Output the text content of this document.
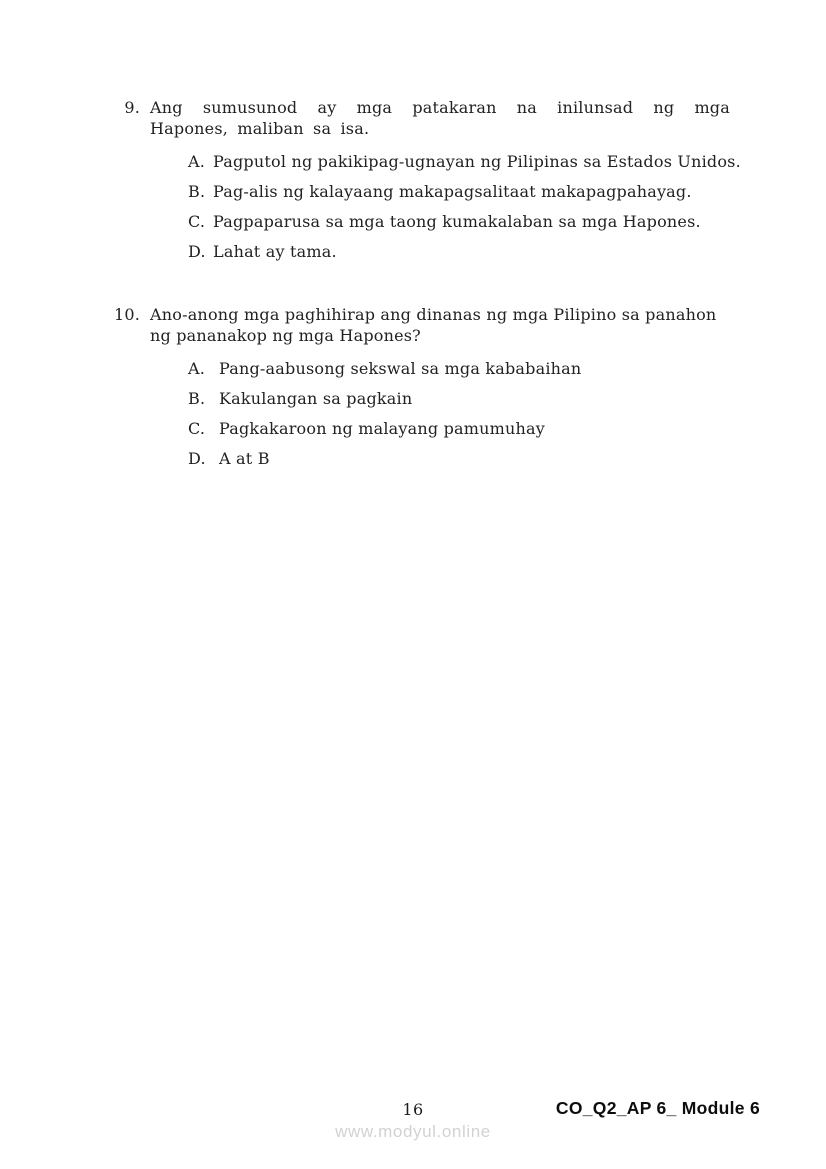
9. Ang sumusunod ay mga patakaran na inilunsad ng mga Hapones, maliban sa isa.

A. Pagputol ng pakikipag-ugnayan ng Pilipinas sa Estados Unidos.
B. Pag-alis ng kalayaang makapagsalitaat makapagpahayag.
C. Pagpaparusa sa mga taong kumakalaban sa mga Hapones.
D. Lahat ay tama.
10. Ano-anong mga paghihirap ang dinanas ng mga Pilipino sa panahon ng pananakop ng mga Hapones?

A. Pang-aabusong sekswal sa mga kababaihan
B. Kakulangan sa pagkain
C. Pagkakaroon ng malayang pamumuhay
D. A at B
16	CO_Q2_AP 6_ Module 6
www.modyul.online
